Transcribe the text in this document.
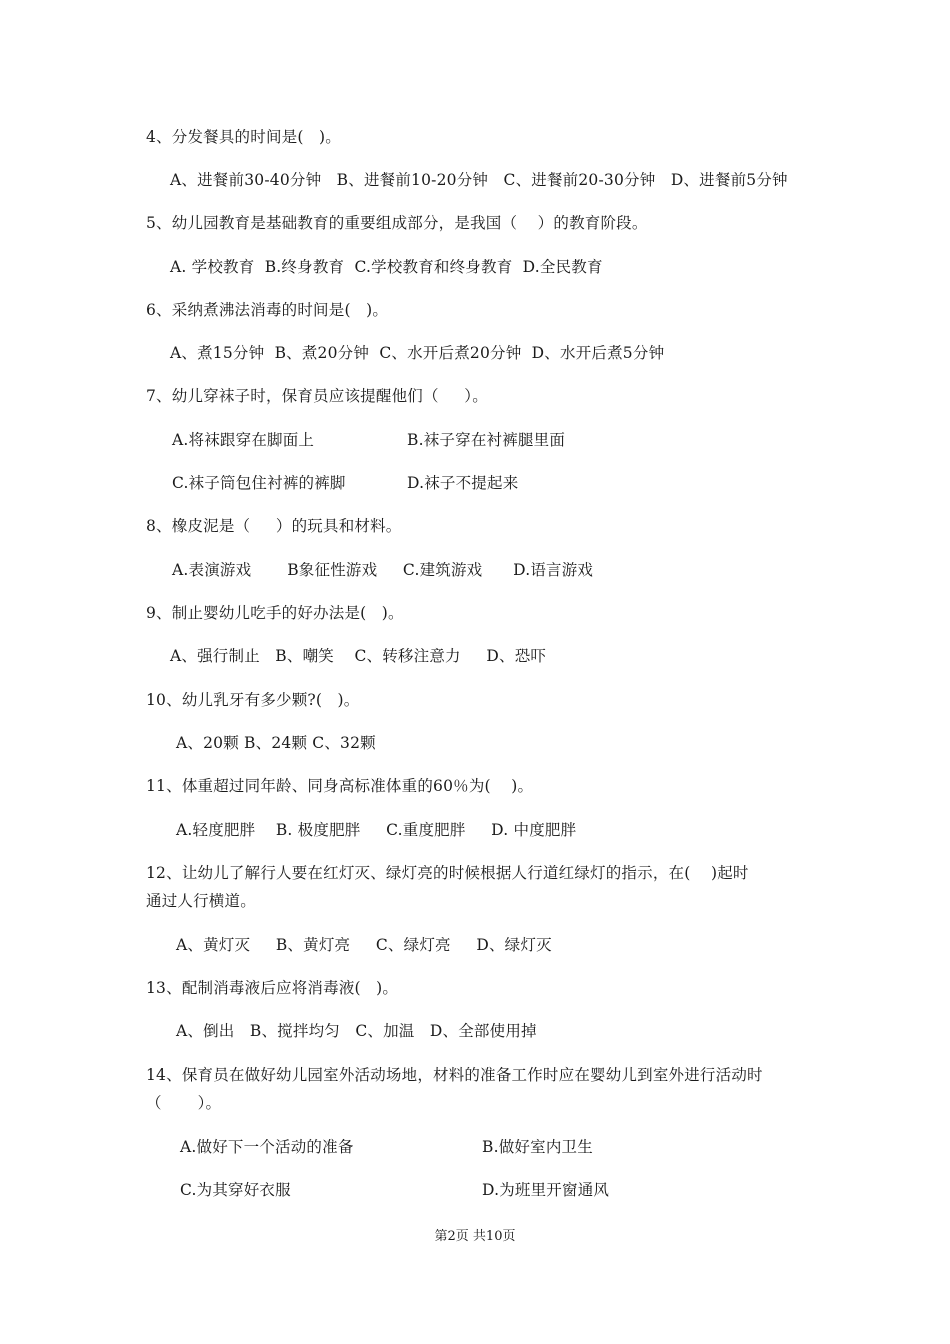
4、分发餐具的时间是(   )。
A、进餐前30-40分钟   B、进餐前10-20分钟   C、进餐前20-30分钟   D、进餐前5分钟
5、幼儿园教育是基础教育的重要组成部分，是我国（    ）的教育阶段。
A. 学校教育  B.终身教育  C.学校教育和终身教育  D.全民教育
6、采纳煮沸法消毒的时间是(   )。
A、煮15分钟  B、煮20分钟  C、水开后煮20分钟  D、水开后煮5分钟
7、幼儿穿袜子时，保育员应该提醒他们（     ）。
A.将袜跟穿在脚面上	B.袜子穿在衬裤腿里面
C.袜子筒包住衬裤的裤脚	D.袜子不提起来
8、橡皮泥是（     ）的玩具和材料。
A.表演游戏       B象征性游戏     C.建筑游戏      D.语言游戏
9、制止婴幼儿吃手的好办法是(   )。
A、强行制止   B、嘲笑    C、转移注意力     D、恐吓
10、幼儿乳牙有多少颗?(   )。
A、20颗 B、24颗 C、32颗
11、体重超过同年龄、同身高标准体重的60％为(    )。
A.轻度肥胖    B. 极度肥胖     C.重度肥胖     D. 中度肥胖
12、让幼儿了解行人要在红灯灭、绿灯亮的时候根据人行道红绿灯的指示，在(    )起时
通过人行横道。
A、黄灯灭     B、黄灯亮     C、绿灯亮     D、绿灯灭
13、配制消毒液后应将消毒液(   )。
A、倒出   B、搅拌均匀   C、加温   D、全部使用掉
14、保育员在做好幼儿园室外活动场地，材料的准备工作时应在婴幼儿到室外进行活动时
（       ）。
A.做好下一个活动的准备	B.做好室内卫生
C.为其穿好衣服	D.为班里开窗通风
第2页 共10页
